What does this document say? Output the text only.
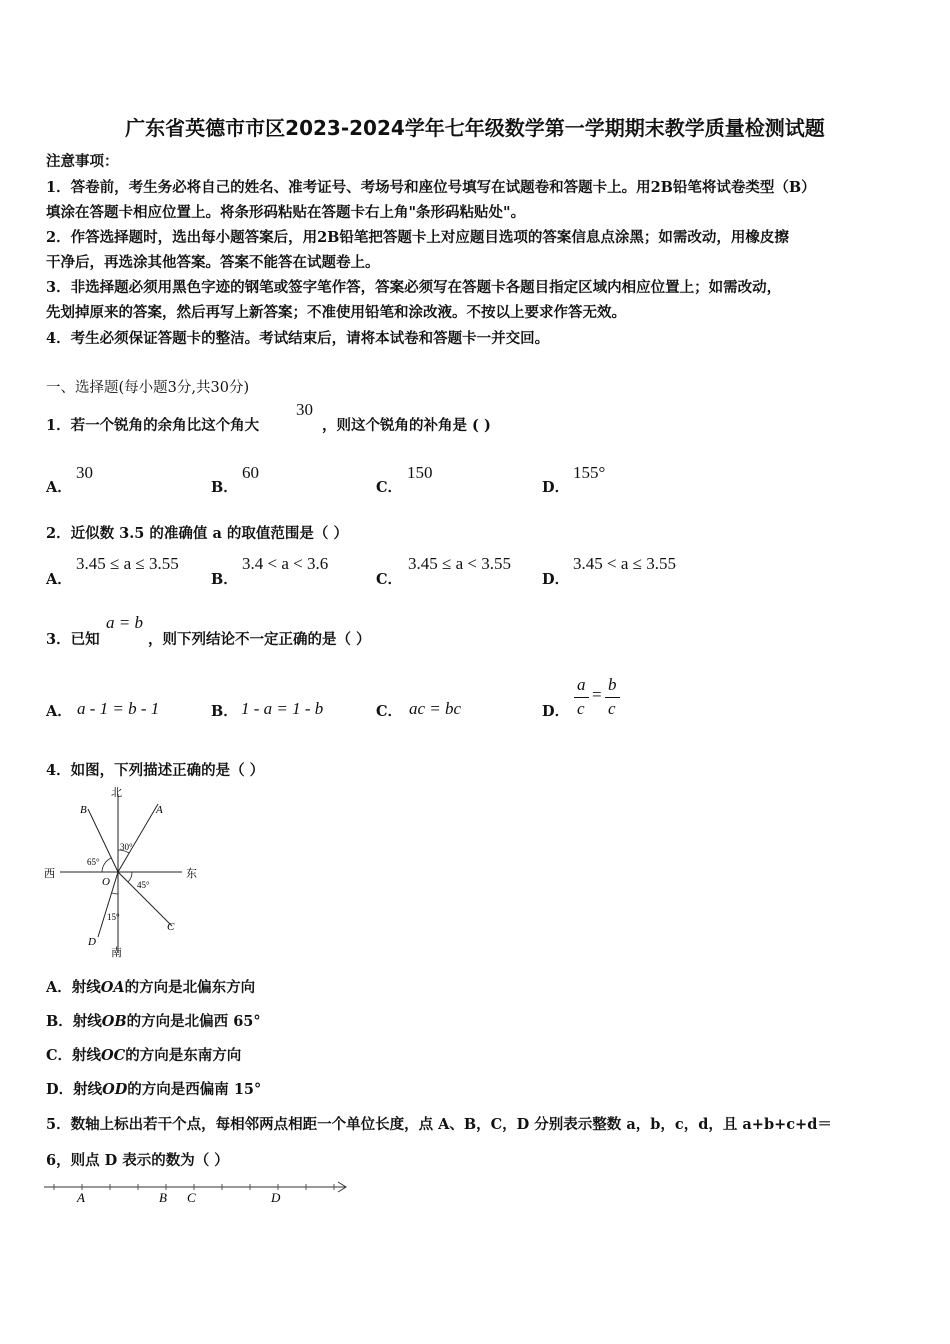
广东省英德市市区2023-2024学年七年级数学第一学期期末教学质量检测试题
注意事项：
1．答卷前，考生务必将自己的姓名、准考证号、考场号和座位号填写在试题卷和答题卡上。用2B铅笔将试卷类型（B）
填涂在答题卡相应位置上。将条形码粘贴在答题卡右上角"条形码粘贴处"。
2．作答选择题时，选出每小题答案后，用2B铅笔把答题卡上对应题目选项的答案信息点涂黑；如需改动，用橡皮擦
干净后，再选涂其他答案。答案不能答在试题卷上。
3．非选择题必须用黑色字迹的钢笔或签字笔作答，答案必须写在答题卡各题目指定区域内相应位置上；如需改动，
先划掉原来的答案，然后再写上新答案；不准使用铅笔和涂改液。不按以上要求作答无效。
4．考生必须保证答题卡的整洁。考试结束后，请将本试卷和答题卡一并交回。
一、选择题(每小题3分,共30分)
1．若一个锐角的余角比这个角大
30
，则这个锐角的补角是 ( )
A．
30
B．
60
C．
150
D．
155°
2．近似数 3.5 的准确值 a 的取值范围是（ ）
A．
3.45 ≤ a ≤ 3.55
B．
3.4 < a < 3.6
C．
3.45 ≤ a < 3.55
D．
3.45 < a ≤ 3.55
3．已知
a = b
，则下列结论不一定正确的是（ ）
A． a - 1 = b - 1	B． 1 - a = 1 - b	C． ac = bc	D．
a
c
=
b
c
4．如图，下列描述正确的是（ ）
北
南
西	东
B	A
C
D
O
65°
30°
45°
15°
A．射线OA的方向是北偏东方向
B．射线OB的方向是北偏西 65°
C．射线OC的方向是东南方向
D．射线OD的方向是西偏南 15°
5．数轴上标出若干个点，每相邻两点相距一个单位长度，点 A、B，C，D 分别表示整数 a，b，c，d，且 a+b+c+d＝
6，则点 D 表示的数为（ ）
A	B C	D
